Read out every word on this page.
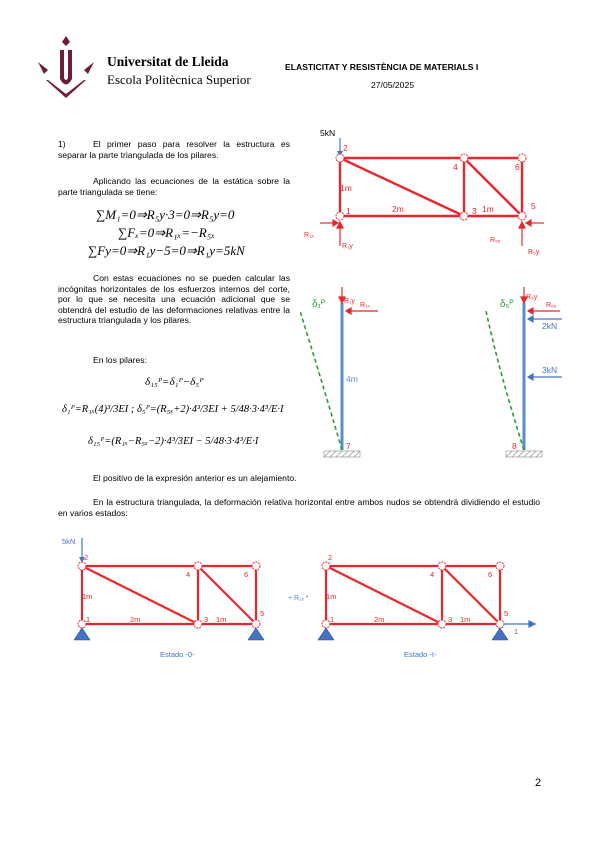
Universitat de Lleida
Escola Politècnica Superior
ELASTICITAT Y RESISTÈNCIA DE MATERIALS I
27/05/2025
1)	El primer paso para resolver la estructura es separar la parte triangulada de los pilares.
Aplicando las ecuaciones de la estática sobre la parte triangulada se tiene:
∑M₁=0⇒R₅y·3=0⇒R₅y=0
∑Fₓ=0⇒R₁ₓ=−R₅ₓ
∑Fy=0⇒R₁y−5=0⇒R₁y=5kN
Con estas ecuaciones no se pueden calcular las incógnitas horizontales de los esfuerzos internos del corte, por lo que se necesita una ecuación adicional que se obtendrá del estudio de las deformaciones relativas entre la estructura triangulada y los pilares.
En los pilares:
δ₁₅ᴾ=δ₁ᴾ−δ₅ᴾ
δ₁ᴾ=R₁ₓ(4)³/3EI ; δ₅ᴾ=(R₅ₓ+2)·4³/3EI + 5/48·3·4³/E·I
δ₁₅ᴾ=(R₁ₓ−R₅ₓ−2)·4³/3EI − 5/48·3·4³/E·I
El positivo de la expresión anterior es un alejamiento.
En la estructura triangulada, la deformación relativa horizontal entre ambos nudos se obtendrá dividiendo el estudio en varios estados:
2
5kN
2
4	6
1	3	5
1m
2m	1m
R₁ₓ
R₁y
R₅ₓ
R₅y
δ₁ᴾ	R₁y
R₁ₓ
4m
7
δ₅ᴾ
R₅y
R₅ₓ
2kN
3kN
8
5kN
2
4	6
1	3
5
1m
2m	1m
Estado -0-
+ R₁ₓ *
1
2
4	6
1	3
5
1m
2m	1m
Estado -I-
